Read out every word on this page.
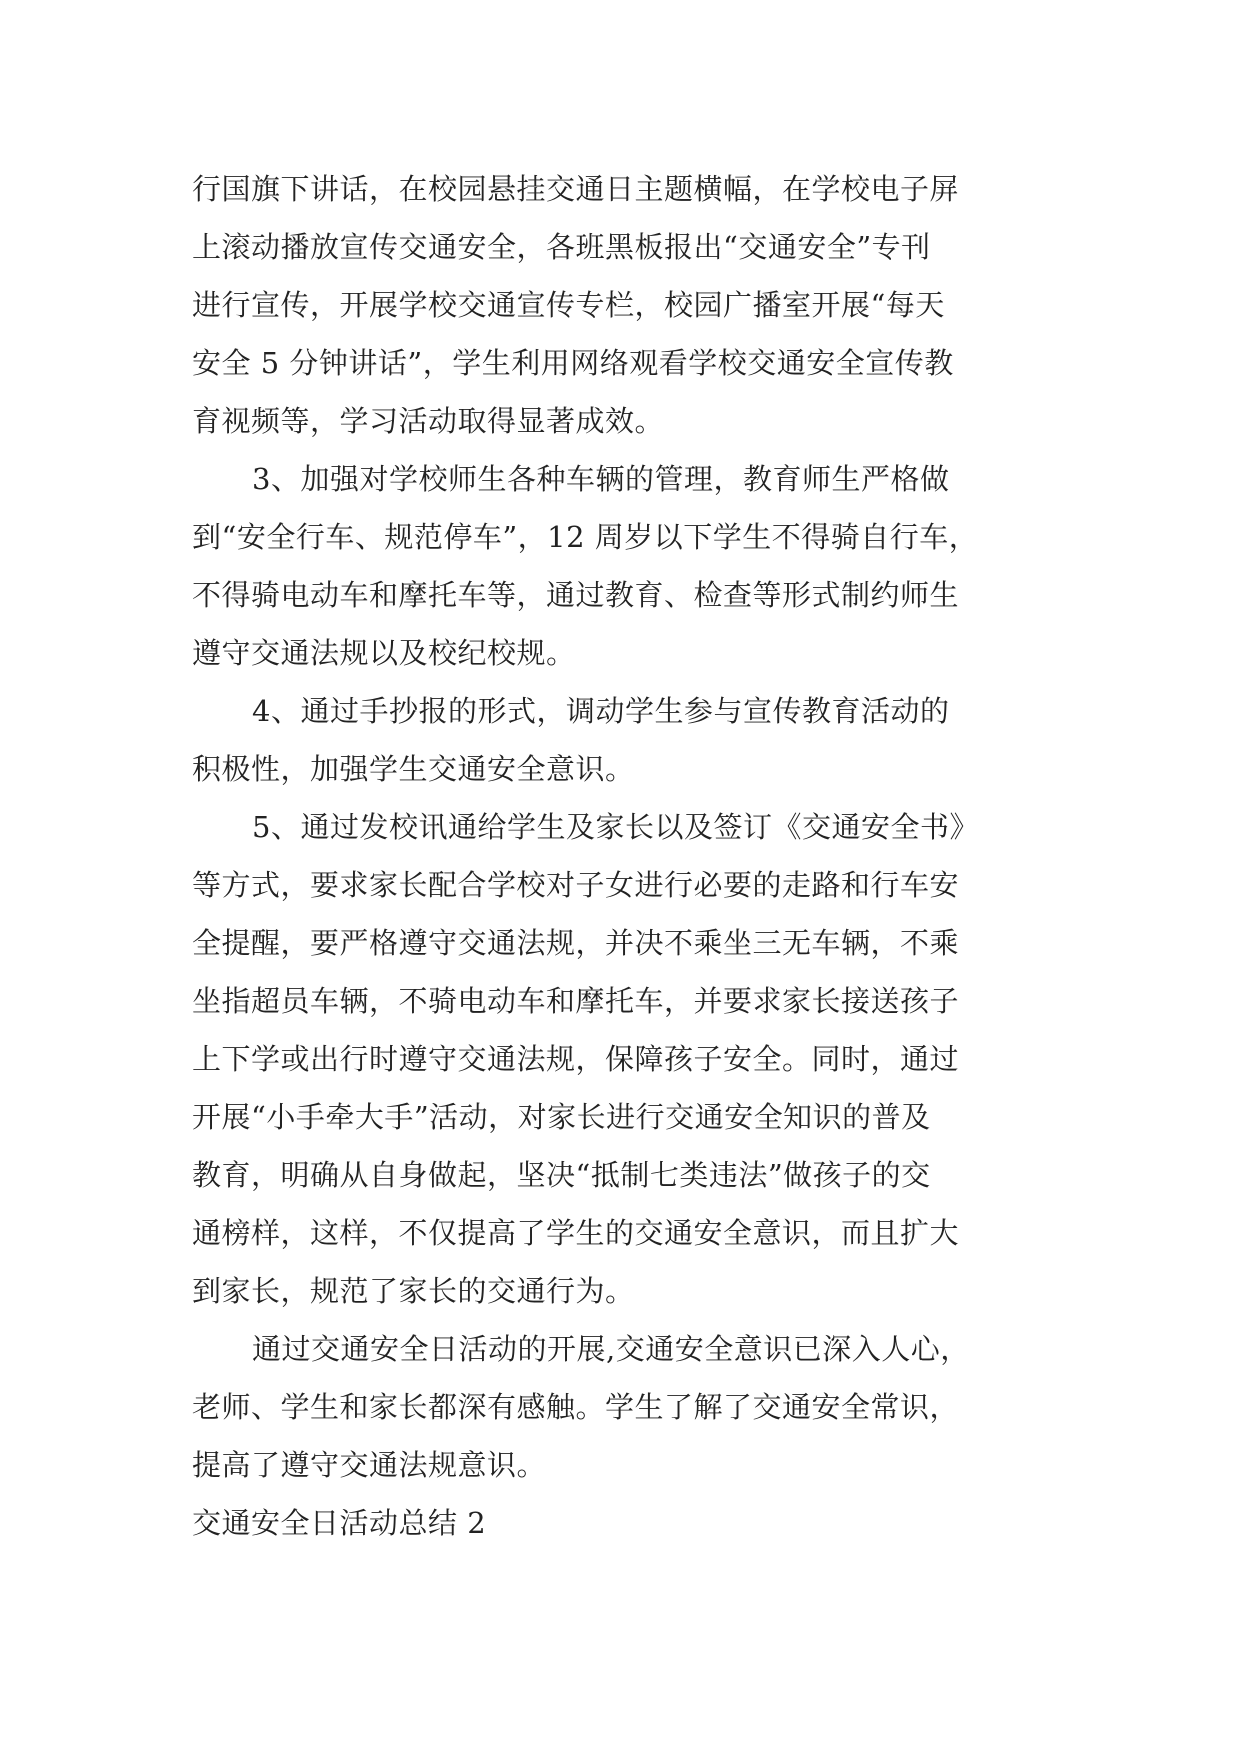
行国旗下讲话，在校园悬挂交通日主题横幅，在学校电子屏
上滚动播放宣传交通安全，各班黑板报出“交通安全”专刊
进行宣传，开展学校交通宣传专栏，校园广播室开展“每天
安全 5 分钟讲话”，学生利用网络观看学校交通安全宣传教
育视频等，学习活动取得显著成效。
3、加强对学校师生各种车辆的管理，教育师生严格做
到“安全行车、规范停车”，12 周岁以下学生不得骑自行车，
不得骑电动车和摩托车等，通过教育、检查等形式制约师生
遵守交通法规以及校纪校规。
4、通过手抄报的形式，调动学生参与宣传教育活动的
积极性，加强学生交通安全意识。
5、通过发校讯通给学生及家长以及签订《交通安全书》
等方式，要求家长配合学校对子女进行必要的走路和行车安
全提醒，要严格遵守交通法规，并决不乘坐三无车辆，不乘
坐指超员车辆，不骑电动车和摩托车，并要求家长接送孩子
上下学或出行时遵守交通法规，保障孩子安全。同时，通过
开展“小手牵大手”活动，对家长进行交通安全知识的普及
教育，明确从自身做起，坚决“抵制七类违法”做孩子的交
通榜样，这样，不仅提高了学生的交通安全意识，而且扩大
到家长，规范了家长的交通行为。
通过交通安全日活动的开展,交通安全意识已深入人心，
老师、学生和家长都深有感触。学生了解了交通安全常识，
提高了遵守交通法规意识。
交通安全日活动总结 2
